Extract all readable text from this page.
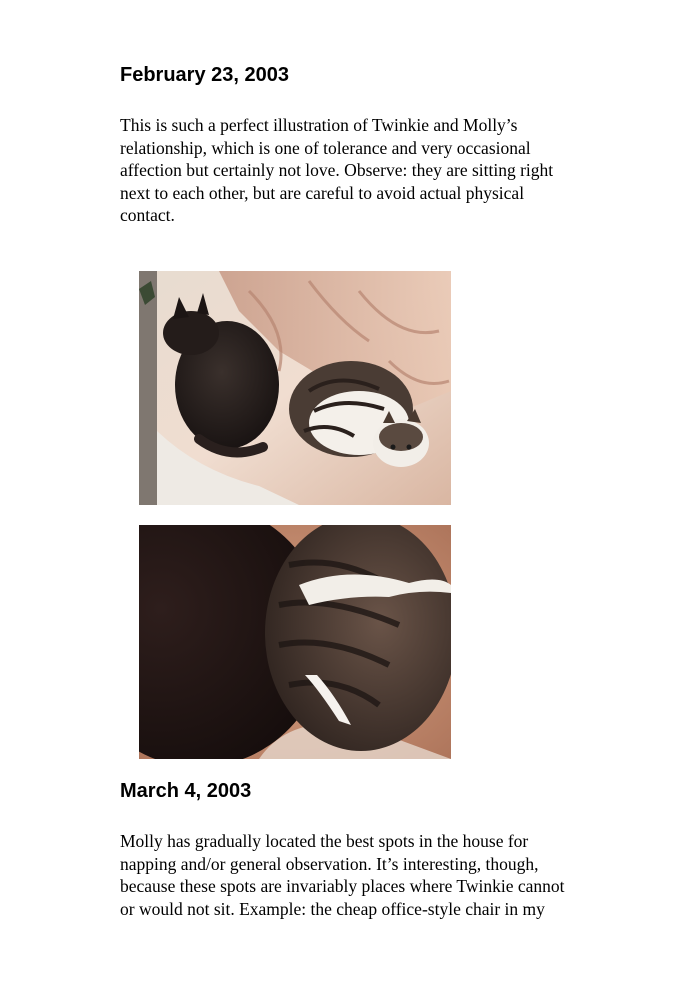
February 23, 2003
This is such a perfect illustration of Twinkie and Molly’s
relationship, which is one of tolerance and very occasional
affection but certainly not love. Observe: they are sitting right
next to each other, but are careful to avoid actual physical
contact.
March 4, 2003
Molly has gradually located the best spots in the house for
napping and/or general observation. It’s interesting, though,
because these spots are invariably places where Twinkie cannot
or would not sit. Example: the cheap office-style chair in my
